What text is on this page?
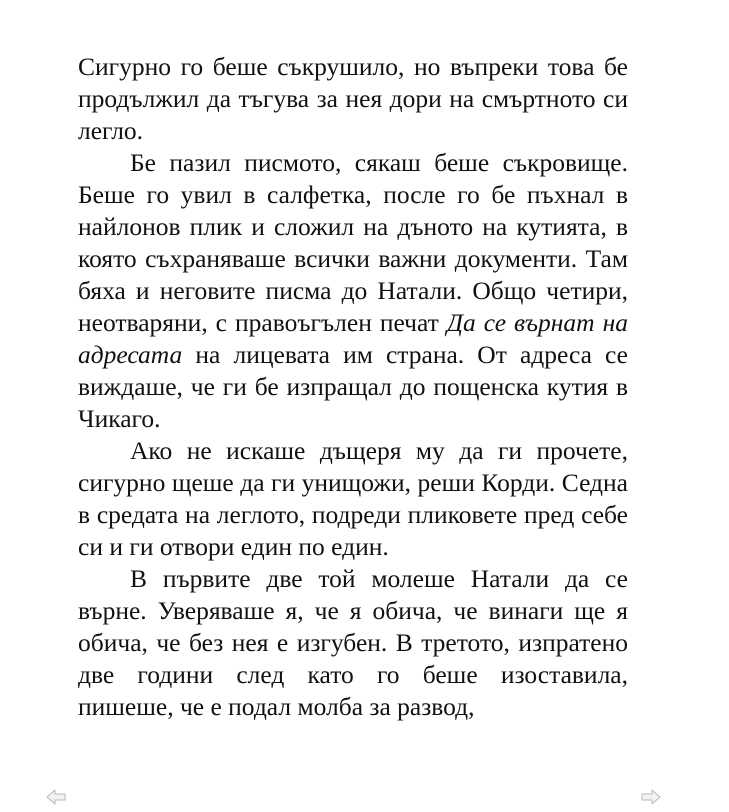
Сигурно го беше съкрушило, но въпреки това бе продължил да тъгува за нея дори на смъртното си легло.

Бе пазил писмото, сякаш беше съкровище. Беше го увил в салфетка, после го бе пъхнал в найлонов плик и сложил на дъното на кутията, в която съхраняваше всички важни документи. Там бяха и неговите писма до Натали. Общо четири, неотваряни, с правоъгълен печат Да се върнат на адресата на лицевата им страна. От адреса се виждаше, че ги бе изпращал до пощенска кутия в Чикаго.

Ако не искаше дъщеря му да ги прочете, сигурно щеше да ги унищожи, реши Корди. Седна в средата на леглото, подреди пликовете пред себе си и ги отвори един по един.

В първите две той молеше Натали да се върне. Уверяваше я, че я обича, че винаги ще я обича, че без нея е изгубен. В третото, изпратено две години след като го беше изоставила, пишеше, че е подал молба за развод,
